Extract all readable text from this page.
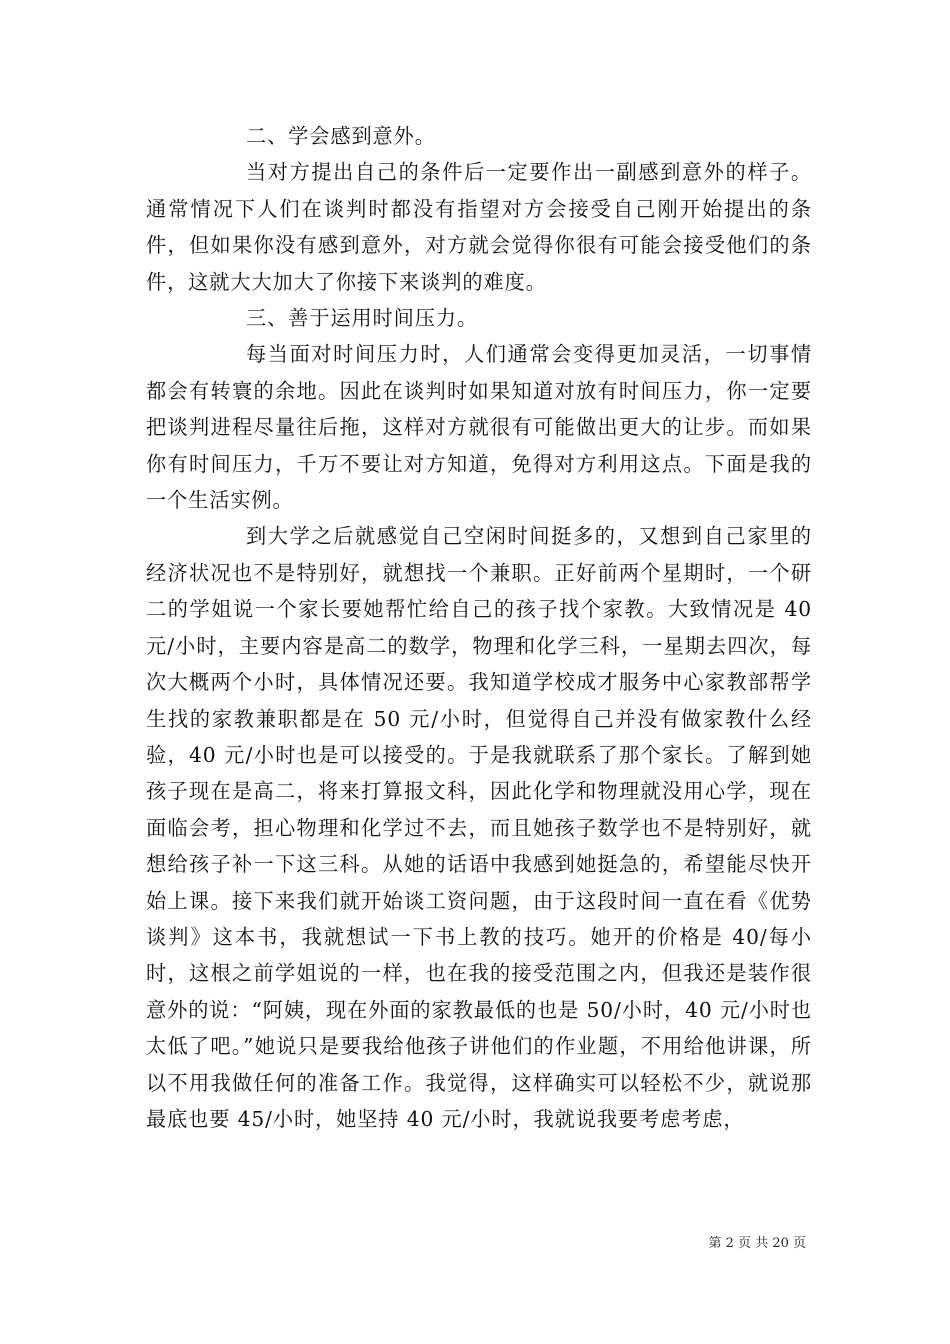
二、学会感到意外。

当对方提出自己的条件后一定要作出一副感到意外的样子。通常情况下人们在谈判时都没有指望对方会接受自己刚开始提出的条件，但如果你没有感到意外，对方就会觉得你很有可能会接受他们的条件，这就大大加大了你接下来谈判的难度。

三、善于运用时间压力。

每当面对时间压力时，人们通常会变得更加灵活，一切事情都会有转寰的余地。因此在谈判时如果知道对放有时间压力，你一定要把谈判进程尽量往后拖，这样对方就很有可能做出更大的让步。而如果你有时间压力，千万不要让对方知道，免得对方利用这点。下面是我的一个生活实例。

到大学之后就感觉自己空闲时间挺多的，又想到自己家里的经济状况也不是特别好，就想找一个兼职。正好前两个星期时，一个研二的学姐说一个家长要她帮忙给自己的孩子找个家教。大致情况是 40 元/小时，主要内容是高二的数学，物理和化学三科，一星期去四次，每次大概两个小时，具体情况还要。我知道学校成才服务中心家教部帮学生找的家教兼职都是在 50 元/小时，但觉得自己并没有做家教什么经验，40 元/小时也是可以接受的。于是我就联系了那个家长。了解到她孩子现在是高二，将来打算报文科，因此化学和物理就没用心学，现在面临会考，担心物理和化学过不去，而且她孩子数学也不是特别好，就想给孩子补一下这三科。从她的话语中我感到她挺急的，希望能尽快开始上课。接下来我们就开始谈工资问题，由于这段时间一直在看《优势谈判》这本书，我就想试一下书上教的技巧。她开的价格是 40/每小时，这根之前学姐说的一样，也在我的接受范围之内，但我还是装作很意外的说：“阿姨，现在外面的家教最低的也是 50/小时，40 元/小时也太低了吧。”她说只是要我给他孩子讲他们的作业题，不用给他讲课，所以不用我做任何的准备工作。我觉得，这样确实可以轻松不少，就说那最底也要 45/小时，她坚持 40 元/小时，我就说我要考虑考虑，

第 2 页 共 20 页
